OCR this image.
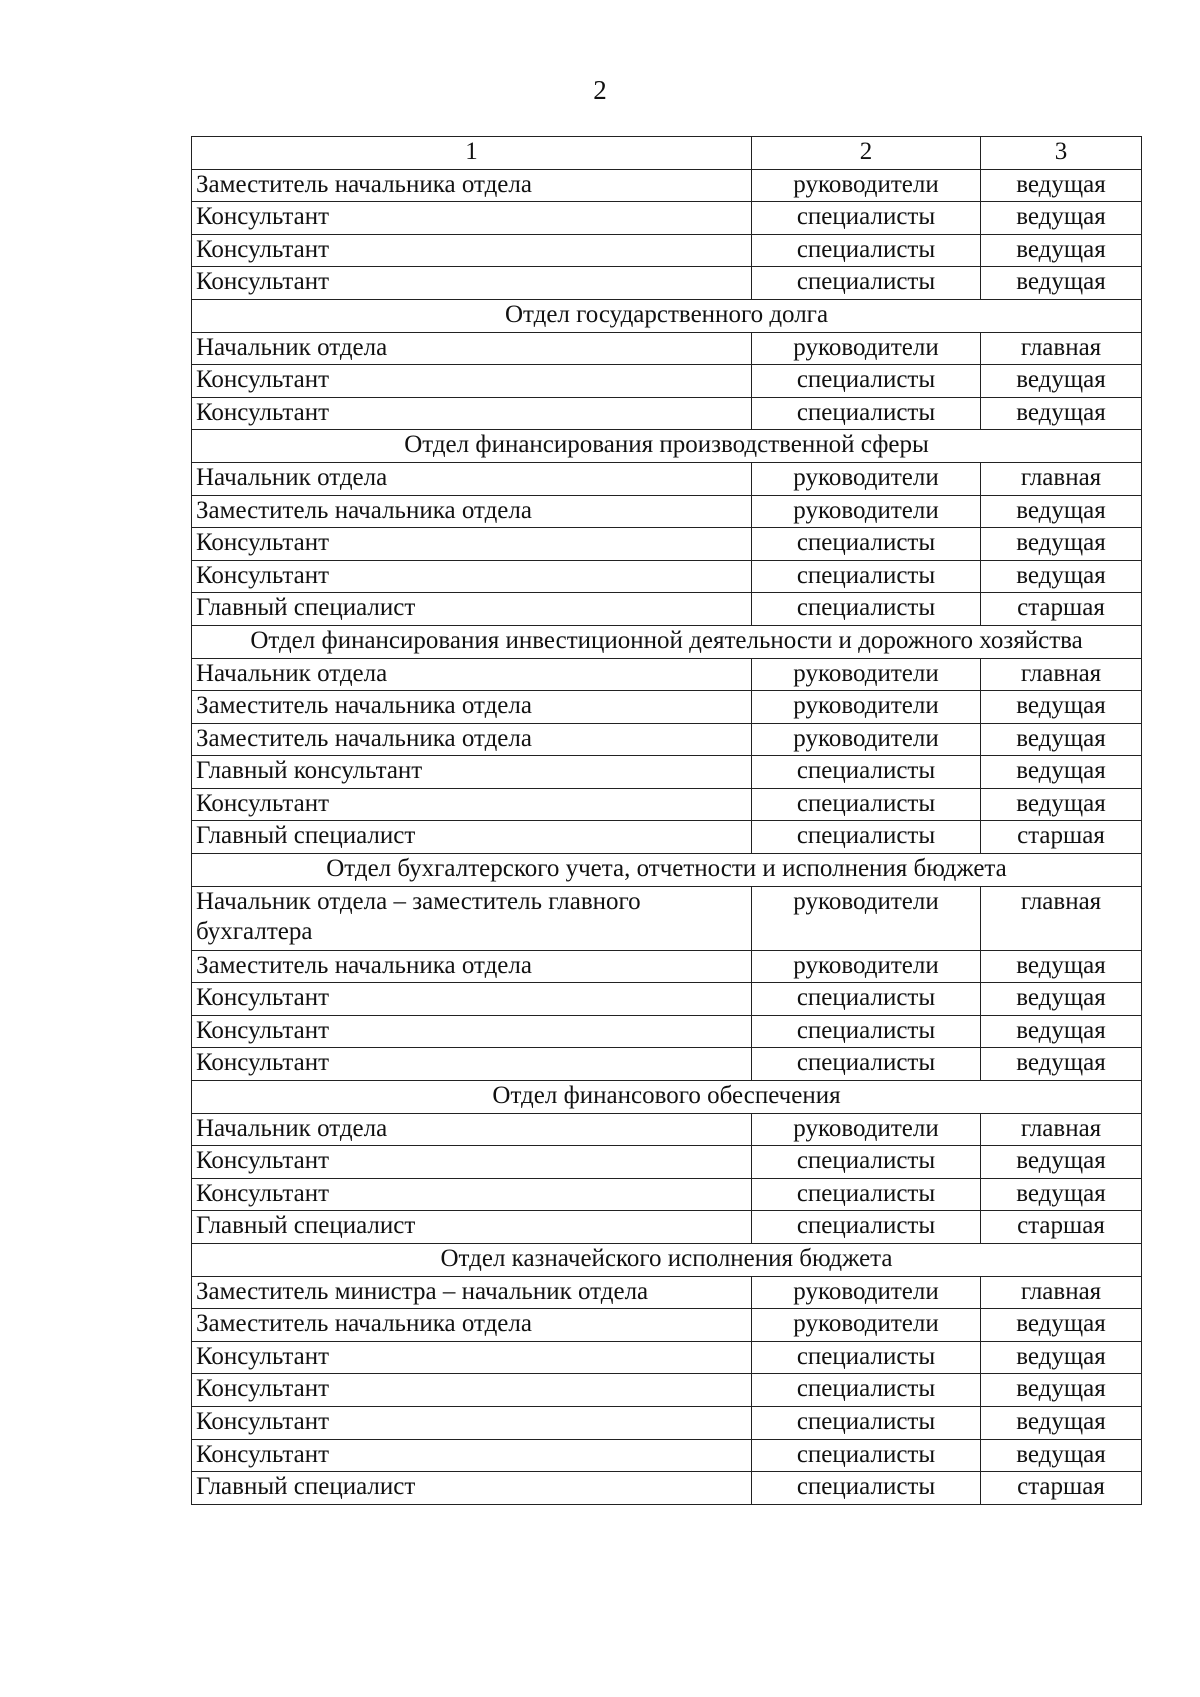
2
1	2	3
Заместитель начальника отдела	руководители	ведущая
Консультант	специалисты	ведущая
Консультант	специалисты	ведущая
Консультант	специалисты	ведущая
Отдел государственного долга		
Начальник отдела	руководители	главная
Консультант	специалисты	ведущая
Консультант	специалисты	ведущая
Отдел финансирования производственной сферы		
Начальник отдела	руководители	главная
Заместитель начальника отдела	руководители	ведущая
Консультант	специалисты	ведущая
Консультант	специалисты	ведущая
Главный специалист	специалисты	старшая
Отдел финансирования инвестиционной деятельности и дорожного хозяйства		
Начальник отдела	руководители	главная
Заместитель начальника отдела	руководители	ведущая
Заместитель начальника отдела	руководители	ведущая
Главный консультант	специалисты	ведущая
Консультант	специалисты	ведущая
Главный специалист	специалисты	старшая
Отдел бухгалтерского учета, отчетности и исполнения бюджета		
Начальник отдела – заместитель главного бухгалтера	руководители	главная
Заместитель начальника отдела	руководители	ведущая
Консультант	специалисты	ведущая
Консультант	специалисты	ведущая
Консультант	специалисты	ведущая
Отдел финансового обеспечения		
Начальник отдела	руководители	главная
Консультант	специалисты	ведущая
Консультант	специалисты	ведущая
Главный специалист	специалисты	старшая
Отдел казначейского исполнения бюджета		
Заместитель министра – начальник отдела	руководители	главная
Заместитель начальника отдела	руководители	ведущая
Консультант	специалисты	ведущая
Консультант	специалисты	ведущая
Консультант	специалисты	ведущая
Консультант	специалисты	ведущая
Главный специалист	специалисты	старшая
